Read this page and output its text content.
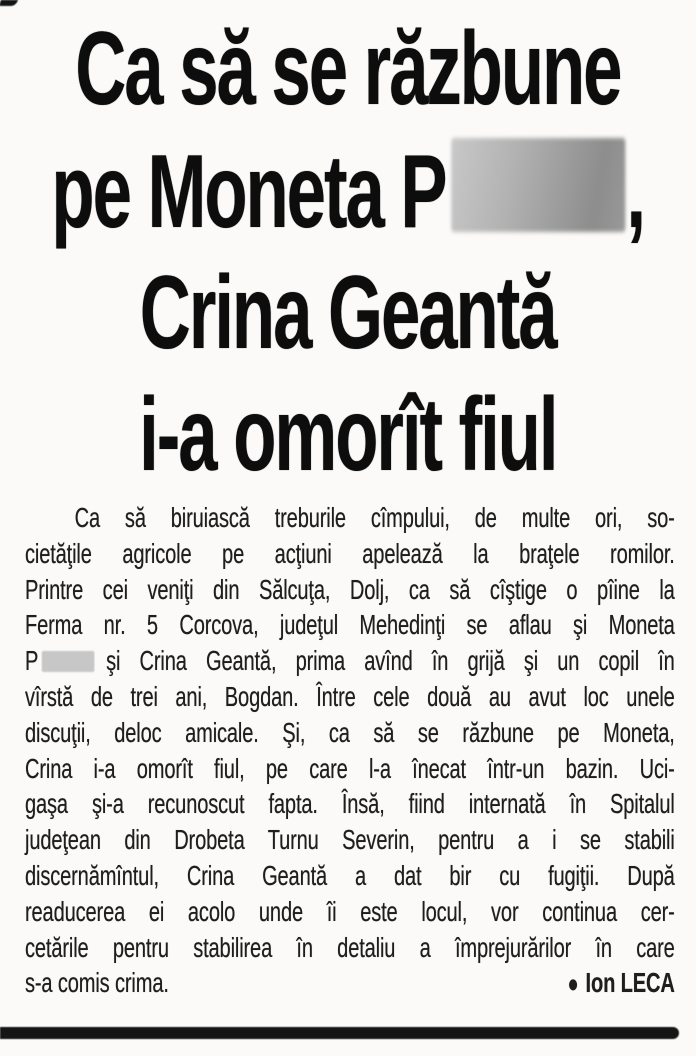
Ca să se răzbune
pe Moneta P ,
Crina Geantă
i-a omorît fiul
Ca să biruiască treburile cîmpului, de multe ori, so-
cietăţile agricole pe acţiuni apelează la braţele romilor.
Printre cei veniţi din Sălcuţa, Dolj, ca să cîştige o pîine la
Ferma nr. 5 Corcova, judeţul Mehedinţi se aflau şi Moneta
P şi Crina Geantă, prima avînd în grijă şi un copil în
vîrstă de trei ani, Bogdan. Între cele două au avut loc unele
discuţii, deloc amicale. Şi, ca să se răzbune pe Moneta,
Crina i-a omorît fiul, pe care l-a înecat într-un bazin. Uci-
gaşa şi-a recunoscut fapta. Însă, fiind internată în Spitalul
judeţean din Drobeta Turnu Severin, pentru a i se stabili
discernămîntul, Crina Geantă a dat bir cu fugiţii. După
readucerea ei acolo unde îi este locul, vor continua cer-
cetările pentru stabilirea în detaliu a împrejurărilor în care
s-a comis crima.	● Ion LECA
